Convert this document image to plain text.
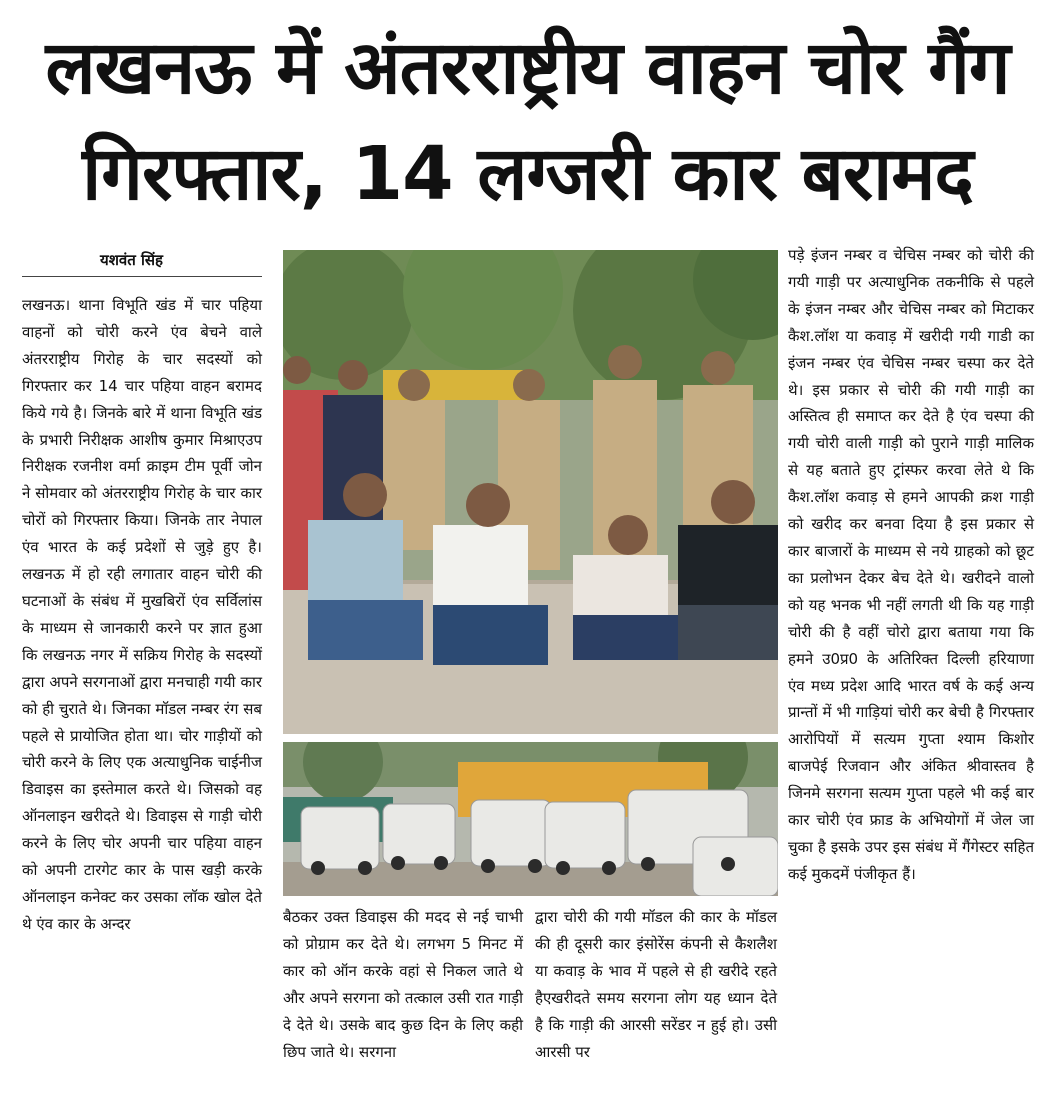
लखनऊ में अंतरराष्ट्रीय वाहन चोर गैंग
गिरफ्तार, 14 लग्जरी कार बरामद
यशवंत सिंह

लखनऊ। थाना विभूति खंड में चार पहिया वाहनों को चोरी करने एंव बेचने वाले अंतरराष्ट्रीय गिरोह के चार सदस्यों को गिरफ्तार कर 14 चार पहिया वाहन बरामद किये गये है। जिनके बारे में थाना विभूति खंड के प्रभारी निरीक्षक आशीष कुमार मिश्राएउप निरीक्षक रजनीश वर्मा क्राइम टीम पूर्वी जोन ने सोमवार को अंतरराष्ट्रीय गिरोह के चार कार चोरों को गिरफ्तार किया। जिनके तार नेपाल एंव भारत के कई प्रदेशों से जुड़े हुए है। लखनऊ में हो रही लगातार वाहन चोरी की घटनाओं के संबंध में मुखबिरों एंव सर्विलांस के माध्यम से जानकारी करने पर ज्ञात हुआ कि लखनऊ नगर में सक्रिय गिरोह के सदस्यों द्वारा अपने सरगनाओं द्वारा मनचाही गयी कार को ही चुराते थे। जिनका मॉडल नम्बर रंग सब पहले से प्रायोजित होता था। चोर गाड़ीयों को चोरी करने के लिए एक अत्याधुनिक चाईनीज डिवाइस का इस्तेमाल करते थे। जिसको वह ऑनलाइन खरीदते थे। डिवाइस से गाड़ी चोरी करने के लिए चोर अपनी चार पहिया वाहन को अपनी टारगेट कार के पास खड़ी करके ऑनलाइन कनेक्ट कर उसका लॉक खोल देते थे एंव कार के अन्दर	बैठकर उक्त डिवाइस की मदद से नई चाभी को प्रोग्राम कर देते थे। लगभग 5 मिनट में कार को ऑन करके वहां से निकल जाते थे और अपने सरगना को तत्काल उसी रात गाड़ी दे देते थे। उसके बाद कुछ दिन के लिए कही छिप जाते थे। सरगना

द्वारा चोरी की गयी मॉडल की कार के मॉडल की ही दूसरी कार इंसोरेंस कंपनी से कैशलैश या कवाड़ के भाव में पहले से ही खरीदे रहते हैएखरीदते समय सरगना लोग यह ध्यान देते है कि गाड़ी की आरसी सरेंडर न हुई हो। उसी आरसी पर

पड़े इंजन नम्बर व चेचिस नम्बर को चोरी की गयी गाड़ी पर अत्याधुनिक तकनीकि से पहले के इंजन नम्बर और चेचिस नम्बर को मिटाकर कैश.लॉश या कवाड़ में खरीदी गयी गाडी का इंजन नम्बर एंव चेचिस नम्बर चस्पा कर देते थे। इस प्रकार से चोरी की गयी गाड़ी का अस्तित्व ही समाप्त कर देते है एंव चस्पा की गयी चोरी वाली गाड़ी को पुराने गाड़ी मालिक से यह बताते हुए ट्रांस्फर करवा लेते थे कि कैश.लॉश कवाड़ से हमने आपकी क्रश गाड़ी को खरीद कर बनवा दिया है इस प्रकार से कार बाजारों के माध्यम से नये ग्राहको को छूट का प्रलोभन देकर बेच देते थे। खरीदने वालो को यह भनक भी नहीं लगती थी कि यह गाड़ी चोरी की है वहीं चोरो द्वारा बताया गया कि हमने उ0प्र0 के अतिरिक्त दिल्ली हरियाणा एंव मध्य प्रदेश आदि भारत वर्ष के कई अन्य प्रान्तों में भी गाड़ियां चोरी कर बेची है गिरफ्तार आरोपियों में सत्यम गुप्ता श्याम किशोर बाजपेई रिजवान और अंकित श्रीवास्तव है जिनमे सरगना सत्यम गुप्ता पहले भी कई बार कार चोरी एंव फ्राड के अभियोगों में जेल जा चुका है इसके उपर इस संबंध में गैंगेस्टर सहित कई मुकदमें पंजीकृत हैं।
